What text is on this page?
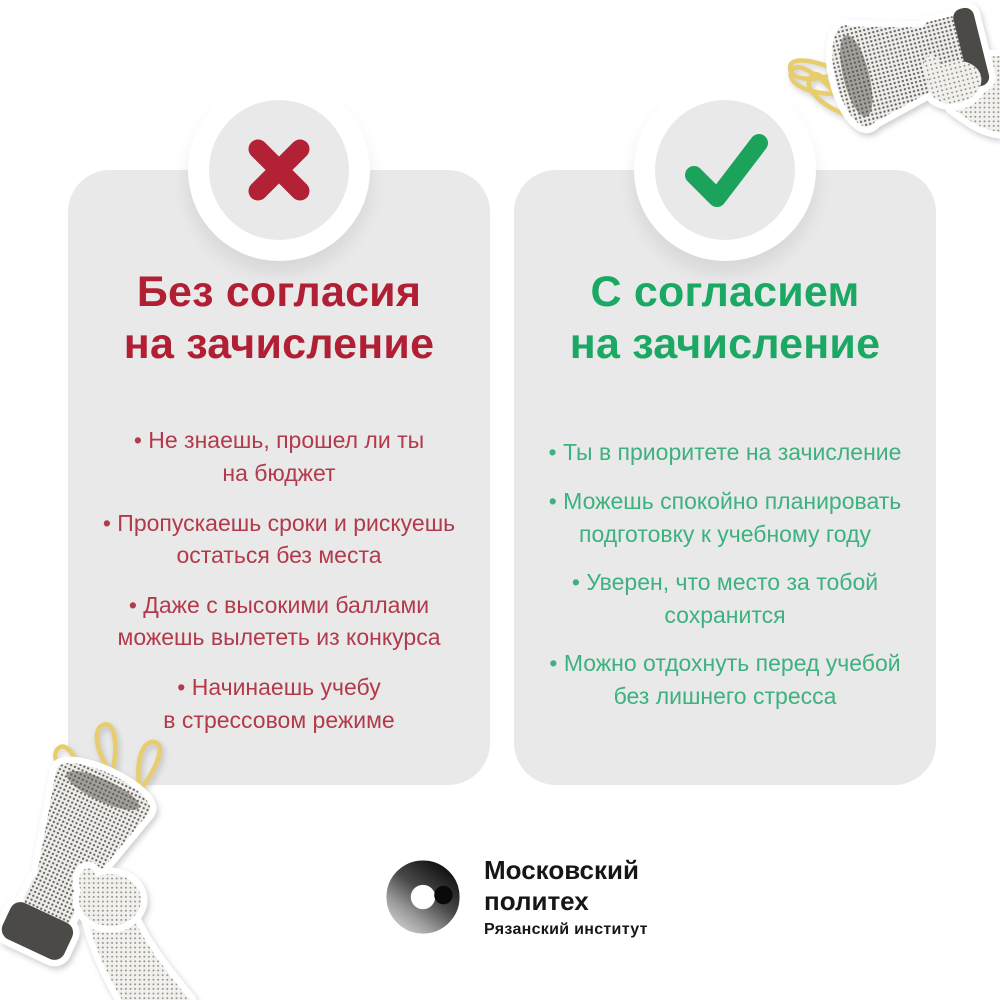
Без согласия
на зачисление
• Не знаешь, прошел ли ты
на бюджет
• Пропускаешь сроки и рискуешь
остаться без места
• Даже с высокими баллами
можешь вылететь из конкурса
• Начинаешь учебу
в стрессовом режиме
С согласием
на зачисление
• Ты в приоритете на зачисление
• Можешь спокойно планировать
подготовку к учебному году
• Уверен, что место за тобой
сохранится
• Можно отдохнуть перед учебой
без лишнего стресса
Московский
политех
Рязанский институт
